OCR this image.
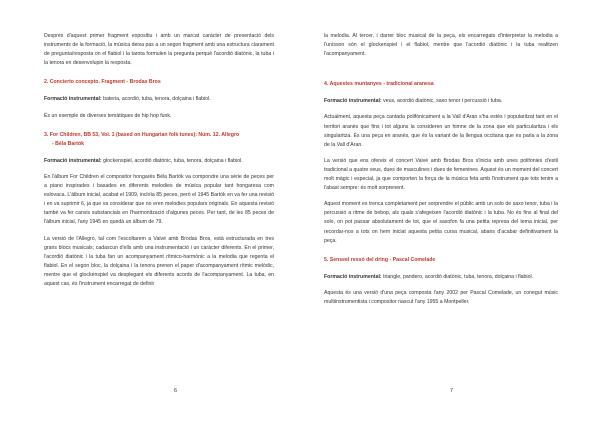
Després d'aquest primer fragment expositiu i amb un marcat caràcter de presentació dels instruments de la formació, la música deixa pas a un segon fragment amb una estructura clarament de pregunta/resposta on el flabiol i la tarota formulen la pregunta perquè l'acordió diatònic, la tuba i la tenora en desenvolupin la resposta.

2. Concierto concepto. Fragment - Brodas Bros

Formació instrumental: bateria, acordió, tuba, tenora, dolçaina i flabiol.

És un exemple de diverses temàtiques de hip hop funk.

3. For Children, BB 53, Vol. 1 (based on Hungarian folk tunes): Núm. 12. Allegro
- Béla Bartók

Formació instrumental: glockenspiel, acordió diatònic, tuba, tenora, dolçaina i flabiol.

En l'àlbum For Children el compositor hongarès Béla Bartók va compondre una sèrie de peces per a piano inspirades i basades en diferents melodies de música popular tant hongaresa com eslovaca. L'àlbum inicial, acabat el 1909, incloïa 85 peces, però el 1945 Bartók en va fer una revisió i en va suprimir 6, ja que va considerar que no eren melodies populars originals. En aquesta revisió també va fer canvis substancials en l'harmonització d'algunes peces. Per tant, de les 85 peces de l'àlbum inicial, l'any 1945 en quedà un àlbum de 79.

La versió de l'Allegro, tal com l'escoltarem a Vaivé amb Brodas Bros, està estructurada en tres grans blocs musicals; cadascun d'ells amb una instrumentació i un caràcter diferents. En el primer, l'acordió diatònic i la tuba fan un acompanyament rítmico-harmònic a la melodia que regenta el flabiol. En el segon bloc, la dolçaina i la tenora prenen el paper d'acompanyament rítmic melòdic, mentre que el glockenspiel va desplegant els diferents acords de l'acompanyament. La tuba, en aquest cas, és l'instrument encarregat de definir

6

la melodia. Al tercer, i darrer bloc musical de la peça, els encarregats d'interpretar la melodia a l'unísson són el glockenspiel i el flabiol, mentre que l'acordió diatònic i la tuba realitzen l'acompanyament.

4. Aquestes muntanyes - tradicional aranesa

Formació instrumental: veus, acordió diatònic, saxo tenor i percussió i tuba.

Actualment, aquesta peça cantada polifònicament a la Vall d'Aran s'ha estès i popularitzat tant en el territori aranès que fins i tot alguns la consideren un himne de la zona que els particularitza i els singularitza. És una peça en aranès, que és la variant de la llengua occitana que es parla a la zona de la Vall d'Aran.

La versió que ens ofereix el concert Vaivé amb Brodas Bros s'inicia amb unes polifonies d'estil tradicional a quatre veus, dues de masculines i dues de femenines. Aquest és un moment del concert molt màgic i especial, ja que comporten la força de la música feta amb l'instrument que tots tenim a l'abast sempre: és molt sorprenent.

Aquest moment es trenca completament per sorprendre el públic amb un solo de saxo tenor, tuba i la percussió a ritme de bebop, als quals s'afegeixen l'acordió diatònic i la tuba. No és fins al final del solo, on pot passar absolutament de tot, que el saxofon fa una petita represa del tema inicial, per recordar-nos a tots on hem iniciat aquesta petita cursa musical, abans d'acabar definitivament la peça.

5. Senseel ressò del dring - Pascal Comelade

Formació instrumental: triangle, pandero, acordió diatònic, tuba, tenora, dolçaina i flabiol.

Aquesta és una versió d'una peça composta l'any 2002 per Pascal Comelade, un conegut músic multiinstrumentista i compositor nascut l'any 1955 a Montpeller.

7
